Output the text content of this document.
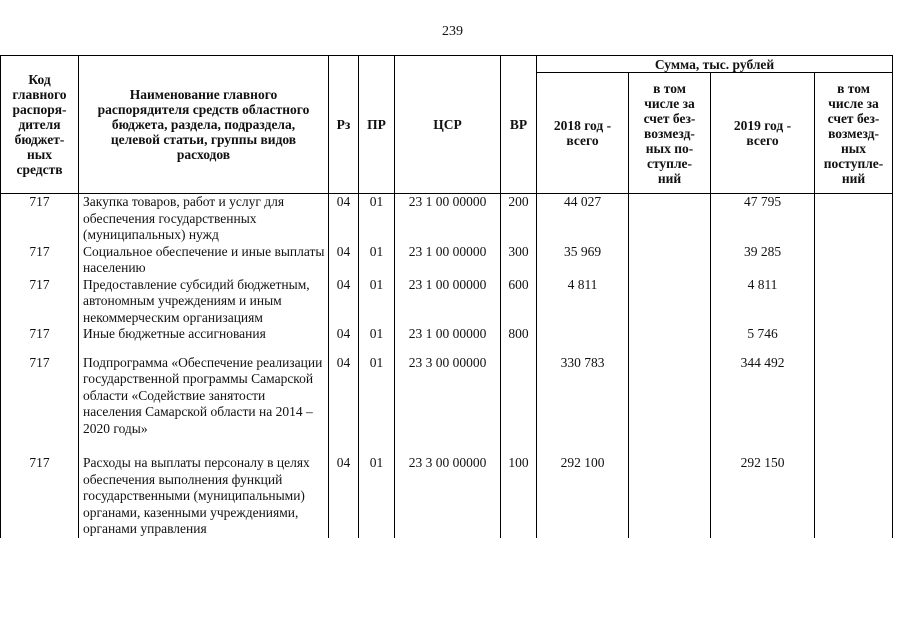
239
Код главного распоря-дителя бюджет-ных средств	Наименование главного распорядителя средств областного бюджета, раздела, подраздела, целевой статьи, группы видов расходов	Рз	ПР	ЦСР	ВР	Сумма, тыс. рублей			
						2018 год - всего	в том числе за счет без-возмезд-ных по-ступле-ний	2019 год - всего	в том числе за счет без-возмезд-ных поступле-ний
717	Закупка товаров, работ и услуг для обеспечения государственных (муниципальных) нужд	04	01	23 1 00 00000	200	44 027		47 795	
717	Социальное обеспечение и иные выплаты населению	04	01	23 1 00 00000	300	35 969		39 285	
717	Предоставление субсидий бюджетным, автономным учреждениям и иным некоммерческим организациям	04	01	23 1 00 00000	600	4 811		4 811	
717	Иные бюджетные ассигнования	04	01	23 1 00 00000	800			5 746	

717	Подпрограмма «Обеспечение реализации государственной программы Самарской области «Содействие занятости населения Самарской области на 2014 – 2020 годы»	04	01	23 3 00 00000		330 783		344 492	

717	Расходы на выплаты персоналу в целях обеспечения выполнения функций государственными (муниципальными) органами, казенными учреждениями, органами управления	04	01	23 3 00 00000	100	292 100		292 150	
